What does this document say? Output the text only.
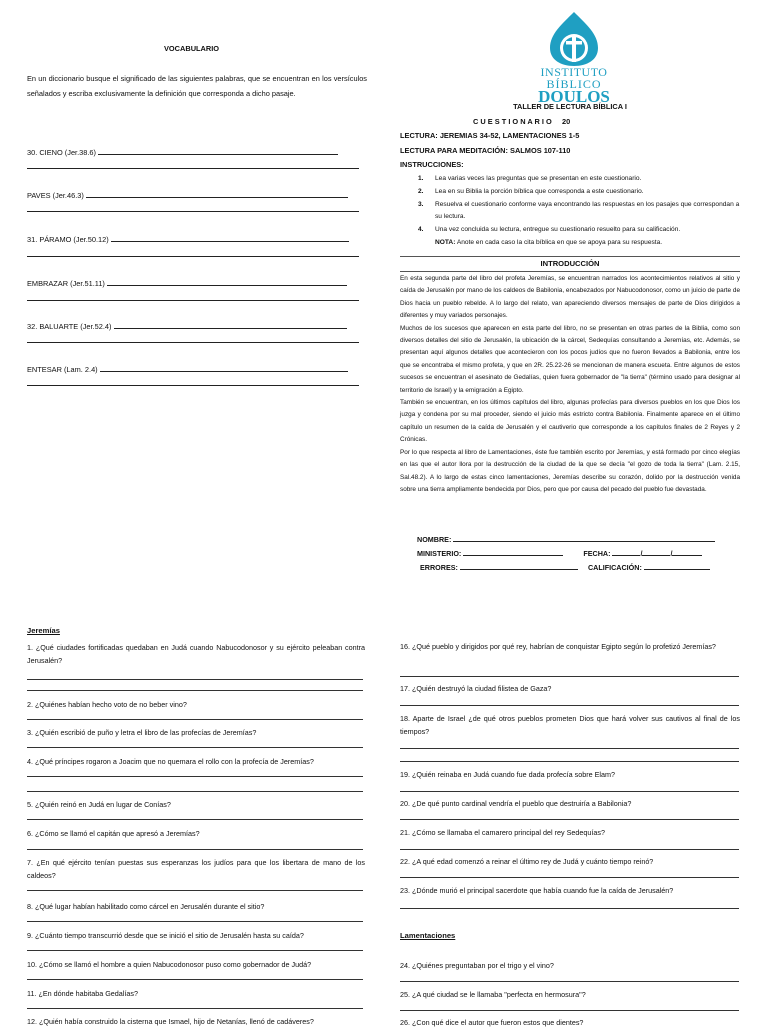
VOCABULARIO
En un diccionario busque el significado de las siguientes palabras, que se encuentran en los versículos señalados y escriba exclusivamente la definición que corresponda a dicho pasaje.
30. CIENO (Jer.38.6)
PAVES (Jer.46.3)
31. PÁRAMO (Jer.50.12)
EMBRAZAR (Jer.51.11)
32. BALUARTE (Jer.52.4)
ENTESAR (Lam. 2.4)
INSTITUTO
BÍBLICO
DOULOS
TALLER DE LECTURA BÍBLICA I
C U E S T I O N A R I O     20
LECTURA: JEREMIAS 34-52, LAMENTACIONES 1-5
LECTURA PARA MEDITACIÓN: SALMOS 107-110
INSTRUCCIONES:
1.	Lea varias veces las preguntas que se presentan en este cuestionario.
2.	Lea en su Biblia la porción bíblica que corresponda a este cuestionario.
3.	Resuelva el cuestionario conforme vaya encontrando las respuestas en los pasajes que correspondan a su lectura.
4.	Una vez concluida su lectura, entregue su cuestionario resuelto para su calificación.
NOTA: Anote en cada caso la cita bíblica en que se apoya para su respuesta.
INTRODUCCIÓN
En esta segunda parte del libro del profeta Jeremías, se encuentran narrados los acontecimientos relativos al sitio y caída de Jerusalén por mano de los caldeos de Babilonia, encabezados por Nabucodonosor, como un juicio de parte de Dios hacia un pueblo rebelde. A lo largo del relato, van apareciendo diversos mensajes de parte de Dios dirigidos a diferentes y muy variados personajes.
Muchos de los sucesos que aparecen en esta parte del libro, no se presentan en otras partes de la Biblia, como son diversos detalles del sitio de Jerusalén, la ubicación de la cárcel, Sedequías consultando a Jeremías, etc. Además, se presentan aquí algunos detalles que acontecieron con los pocos judíos que no fueron llevados a Babilonia, entre los que se encontraba el mismo profeta, y que en 2R. 25.22-26 se mencionan de manera escueta. Entre algunos de estos sucesos se encuentran el asesinato de Gedalías, quien fuera gobernador de "la tierra" (término usado para designar al territorio de Israel) y la emigración a Egipto.
También se encuentran, en los últimos capítulos del libro, algunas profecías para diversos pueblos en los que Dios los juzga y condena por su mal proceder, siendo el juicio más estricto contra Babilonia. Finalmente aparece en el último capítulo un resumen de la caída de Jerusalén y el cautiverio que corresponde a los capítulos finales de 2 Reyes y 2 Crónicas.
Por lo que respecta al libro de Lamentaciones, éste fue también escrito por Jeremías, y está formado por cinco elegías en las que el autor llora por la destrucción de la ciudad de la que se decía "el gozo de toda la tierra" (Lam. 2.15, Sal.48.2). A lo largo de estas cinco lamentaciones, Jeremías describe su corazón, dolido por la destrucción venida sobre una tierra ampliamente bendecida por Dios, pero que por causa del pecado del pueblo fue devastada.
NOMBRE:
MINISTERIO:	FECHA:	/	/
ERRORES:	CALIFICACIÓN:
Jeremías
1. ¿Qué ciudades fortificadas quedaban en Judá cuando Nabucodonosor y su ejército peleaban contra Jerusalén?
2. ¿Quiénes habían hecho voto de no beber vino?
3. ¿Quién escribió de puño y letra el libro de las profecías de Jeremías?
4. ¿Qué príncipes rogaron a Joacim que no quemara el rollo con la profecía de Jeremías?
5. ¿Quién reinó en Judá en lugar de Conías?
6. ¿Cómo se llamó el capitán que apresó a Jeremías?
7. ¿En qué ejército tenían puestas sus esperanzas los judíos para que los libertara de mano de los caldeos?
8. ¿Qué lugar habían habilitado como cárcel en Jerusalén durante el sitio?
9. ¿Cuánto tiempo transcurrió desde que se inició el sitio de Jerusalén hasta su caída?
10. ¿Cómo se llamó el hombre a quien Nabucodonosor puso como gobernador de Judá?
11. ¿En dónde habitaba Gedalías?
12. ¿Quién había construido la cisterna que Ismael, hijo de Netanías, llenó de cadáveres?
16. ¿Qué pueblo y dirigidos por qué rey, habrían de conquistar Egipto según lo profetizó Jeremías?
17. ¿Quién destruyó la ciudad filistea de Gaza?
18. Aparte de Israel ¿de qué otros pueblos prometen Dios que hará volver sus cautivos al final de los tiempos?
19. ¿Quién reinaba en Judá cuando fue dada profecía sobre Elam?
20. ¿De qué punto cardinal vendría el pueblo que destruiría a Babilonia?
21. ¿Cómo se llamaba el camarero principal del rey Sedequías?
22. ¿A qué edad comenzó a reinar el último rey de Judá y cuánto tiempo reinó?
23. ¿Dónde murió el principal sacerdote que había cuando fue la caída de Jerusalén?
Lamentaciones
24. ¿Quiénes preguntaban por el trigo y el vino?
25. ¿A qué ciudad se le llamaba "perfecta en hermosura"?
26. ¿Con qué dice el autor que fueron estos que dientes?
